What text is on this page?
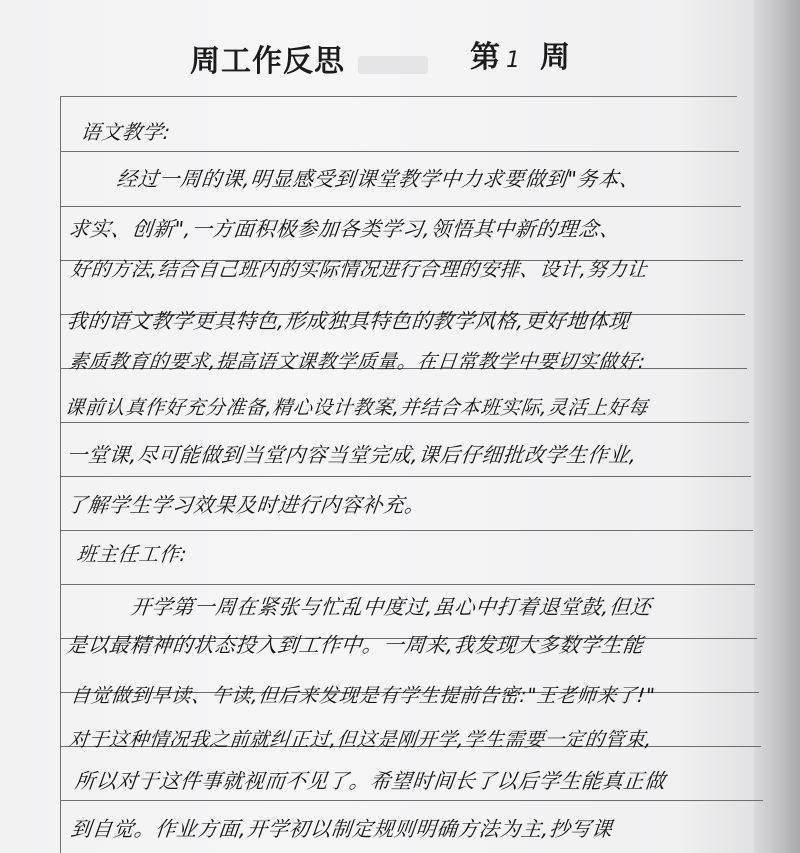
周工作反思	第 1 周
语文教学:
经过一周的课,明显感受到课堂教学中力求要做到"务本、
求实、创新",一方面积极参加各类学习,领悟其中新的理念、
好的方法,结合自己班内的实际情况进行合理的安排、设计,努力让
我的语文教学更具特色,形成独具特色的教学风格,更好地体现
素质教育的要求,提高语文课教学质量。在日常教学中要切实做好:
课前认真作好充分准备,精心设计教案,并结合本班实际,灵活上好每
一堂课,尽可能做到当堂内容当堂完成,课后仔细批改学生作业,
了解学生学习效果及时进行内容补充。
班主任工作:
开学第一周在紧张与忙乱中度过,虽心中打着退堂鼓,但还
是以最精神的状态投入到工作中。一周来,我发现大多数学生能
自觉做到早读、午读,但后来发现是有学生提前告密:"王老师来了!"
对于这种情况我之前就纠正过,但这是刚开学,学生需要一定的管束,
所以对于这件事就视而不见了。希望时间长了以后学生能真正做
到自觉。作业方面,开学初以制定规则明确方法为主,抄写课
